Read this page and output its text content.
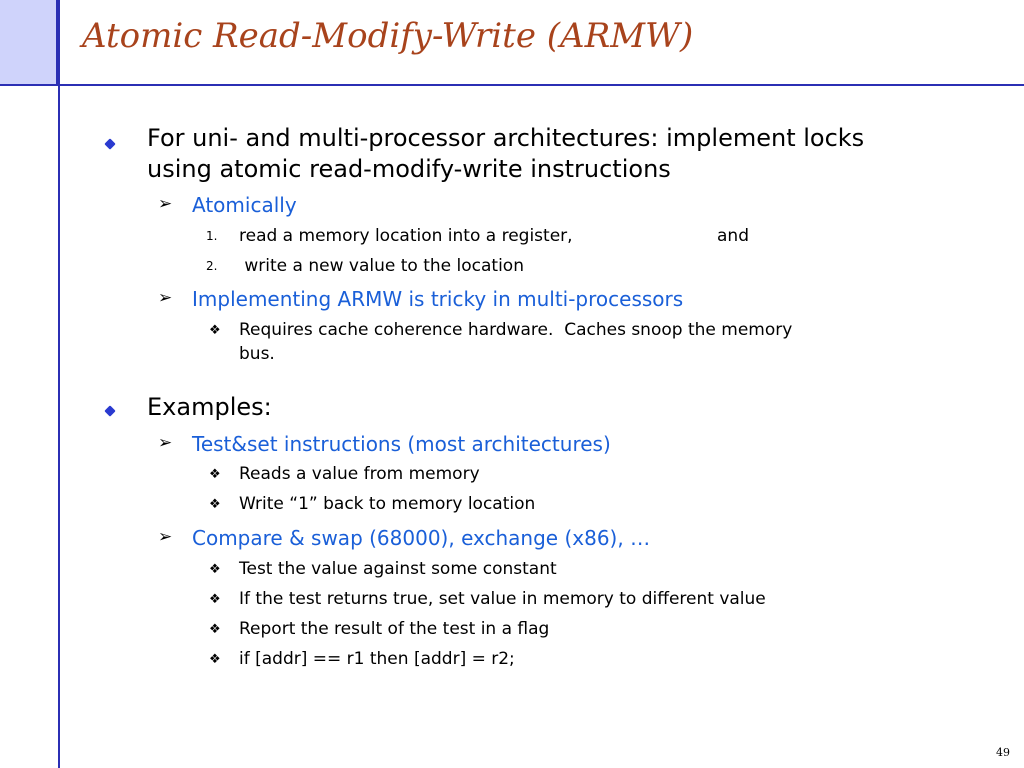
Atomic Read-Modify-Write (ARMW)
For uni- and multi-processor architectures: implement locks
using atomic read-modify-write instructions
➢ Atomically
1. read a memory location into a register,	and
2. write a new value to the location
➢ Implementing ARMW is tricky in multi-processors
❖ Requires cache coherence hardware.  Caches snoop the memory
bus.
Examples:
➢ Test&set instructions (most architectures)
❖ Reads a value from memory
❖ Write “1” back to memory location
➢ Compare & swap (68000), exchange (x86), …
❖ Test the value against some constant
❖ If the test returns true, set value in memory to different value
❖ Report the result of the test in a flag
❖ if [addr] == r1 then [addr] = r2;
49
